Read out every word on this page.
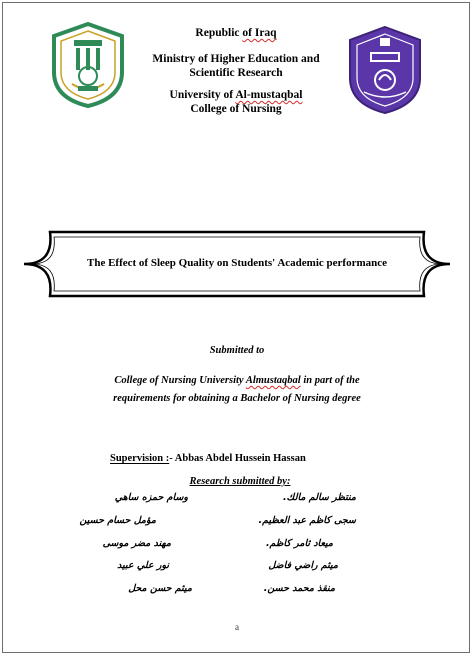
Republic of Iraq
Ministry of Higher Education and
Scientific Research
University of Al-mustaqbal
College of Nursing
The Effect of Sleep Quality on Students' Academic performance
Submitted to
College of Nursing University Almustaqbal in part of the
requirements for obtaining a Bachelor of Nursing degree
Supervision :- Abbas Abdel Hussein Hassan
Research submitted by:
منتظر سالم مالك.
وسام حمزه ساهي
سجى كاظم عبد العظيم.
مؤمل حسام حسين
ميعاد ثامر كاظم.
مهند مضر موسى
ميثم راضي فاضل
نور علي عبيد
منقذ محمد حسن.
ميثم حسن محل
a
